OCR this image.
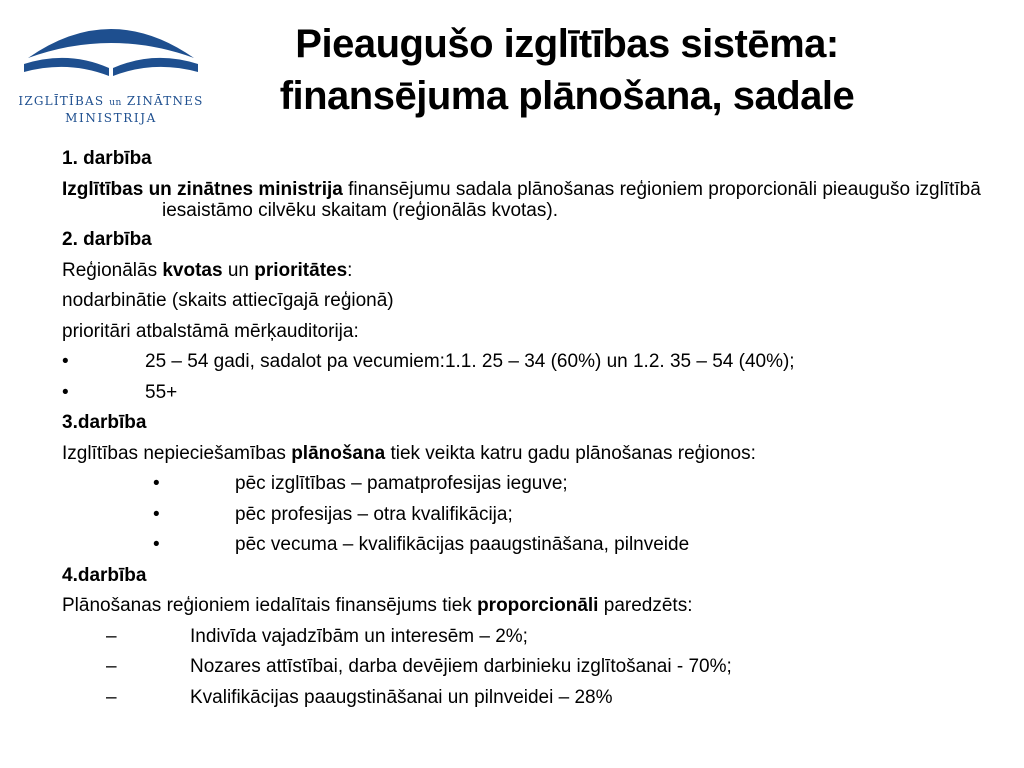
IZGLĪTĪBAS un ZINĀTNES
MINISTRIJA
Pieaugušo izglītības sistēma:
finansējuma plānošana, sadale

1. darbība

Izglītības un zinātnes ministrija finansējumu sadala plānošanas reģioniem proporcionāli pieaugušo izglītībā iesaistāmo cilvēku skaitam (reģionālās kvotas).

2. darbība

Reģionālās kvotas un prioritātes:

nodarbinātie (skaits attiecīgajā reģionā)

prioritāri atbalstāmā mērķauditorija:

•	25 – 54 gadi, sadalot pa vecumiem:1.1. 25 – 34 (60%) un 1.2. 35 – 54 (40%);
•	55+

3.darbība

Izglītības nepieciešamības plānošana tiek veikta katru gadu plānošanas reģionos:

•	pēc izglītības – pamatprofesijas ieguve;
•	pēc profesijas – otra kvalifikācija;
•	pēc vecuma – kvalifikācijas paaugstināšana, pilnveide

4.darbība

Plānošanas reģioniem iedalītais finansējums tiek proporcionāli paredzēts:

–	Indivīda vajadzībām un interesēm – 2%;
–	Nozares attīstībai, darba devējiem darbinieku izglītošanai - 70%;
–	Kvalifikācijas paaugstināšanai un pilnveidei – 28%
